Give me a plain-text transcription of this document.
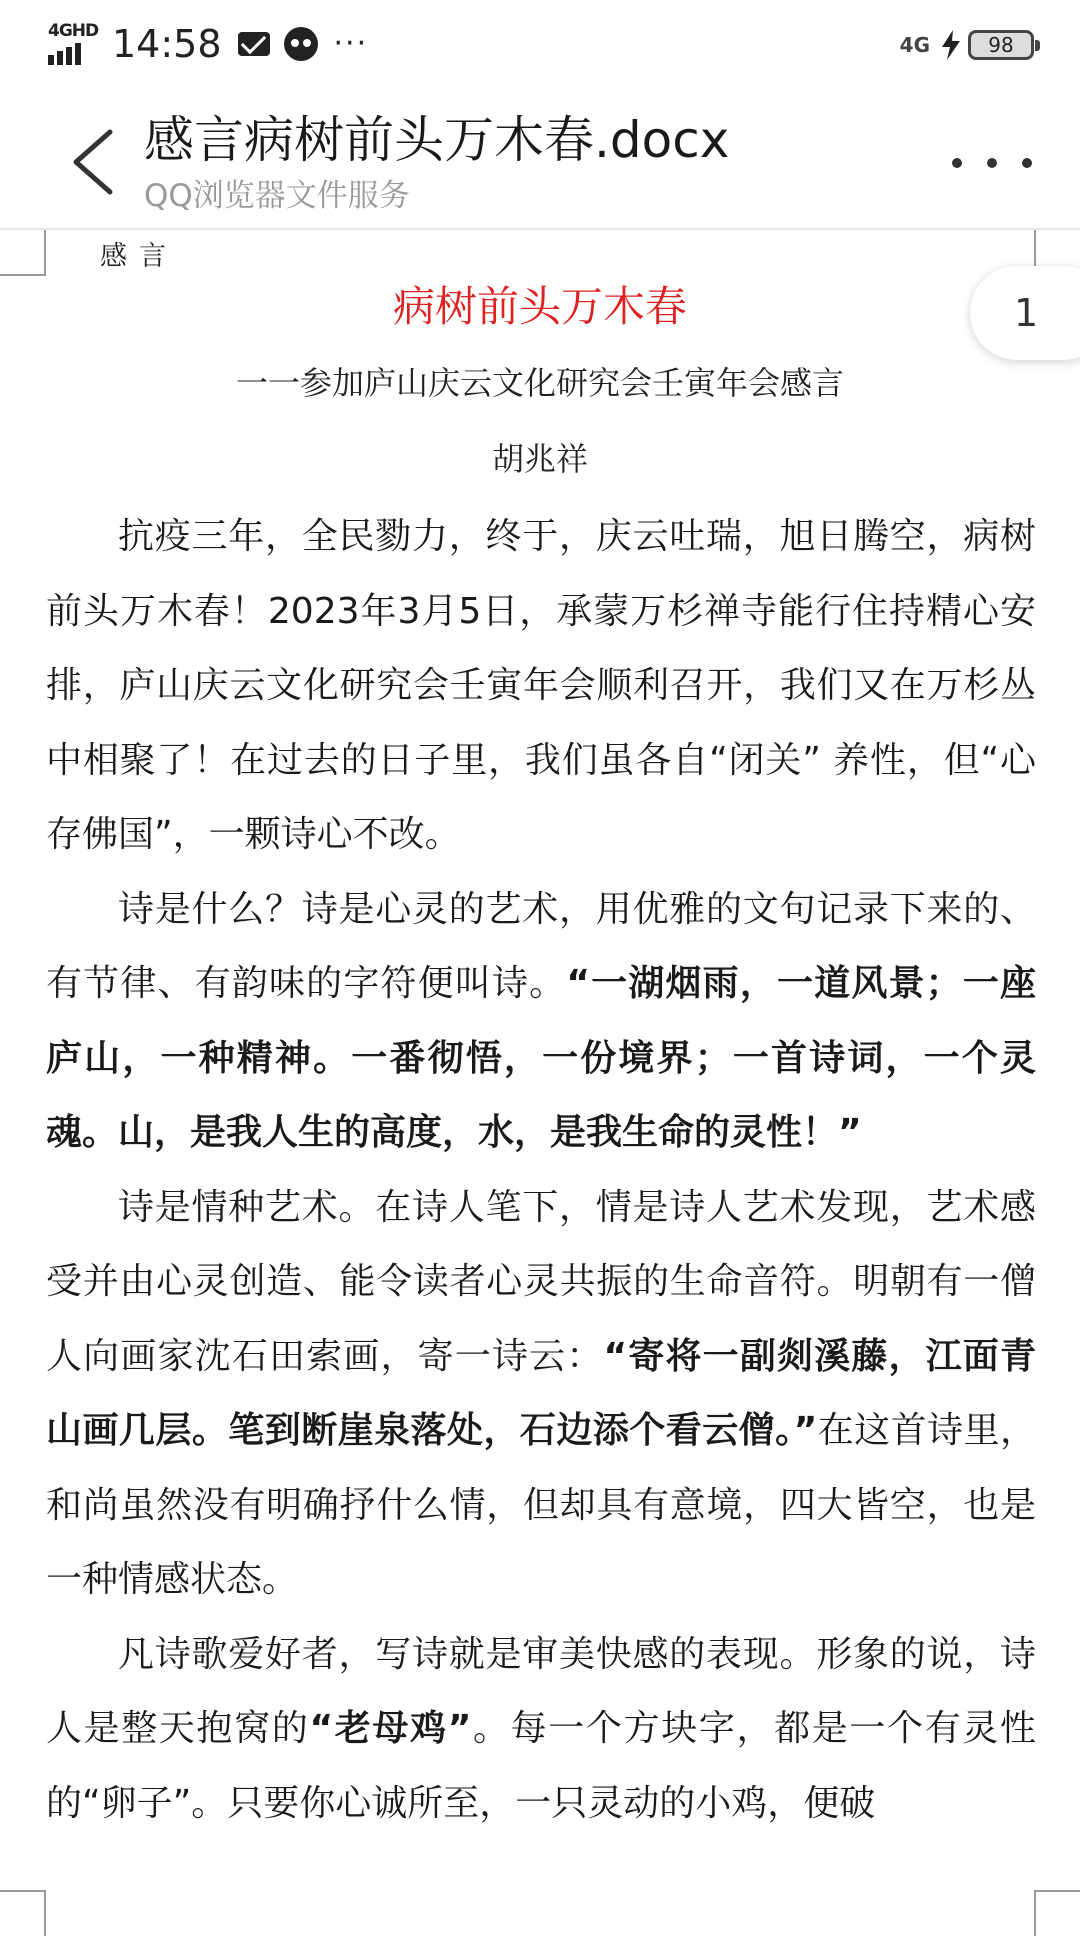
4GHD 14:58	···	4G	98
感言病树前头万木春.docx
QQ浏览器文件服务
感言
病树前头万木春
一一参加庐山庆云文化研究会壬寅年会感言
胡兆祥

抗疫三年，全民勠力，终于，庆云吐瑞，旭日腾空，病树前头万木春！2023年3月5日，承蒙万杉禅寺能行住持精心安排，庐山庆云文化研究会壬寅年会顺利召开，我们又在万杉丛中相聚了！在过去的日子里，我们虽各自“闭关” 养性，但“心存佛国”，一颗诗心不改。

诗是什么？诗是心灵的艺术，用优雅的文句记录下来的、有节律、有韵味的字符便叫诗。“一湖烟雨，一道风景；一座庐山，一种精神。一番彻悟，一份境界；一首诗词，一个灵魂。山，是我人生的高度，水，是我生命的灵性！”

诗是情种艺术。在诗人笔下，情是诗人艺术发现，艺术感受并由心灵创造、能令读者心灵共振的生命音符。明朝有一僧人向画家沈石田索画，寄一诗云：“寄将一副剡溪藤，江面青山画几层。笔到断崖泉落处，石边添个看云僧。”在这首诗里，和尚虽然没有明确抒什么情，但却具有意境，四大皆空，也是一种情感状态。

凡诗歌爱好者，写诗就是审美快感的表现。形象的说，诗人是整天抱窝的“老母鸡”。每一个方块字，都是一个有灵性的“卵子”。只要你心诚所至，一只灵动的小鸡，便破

1
